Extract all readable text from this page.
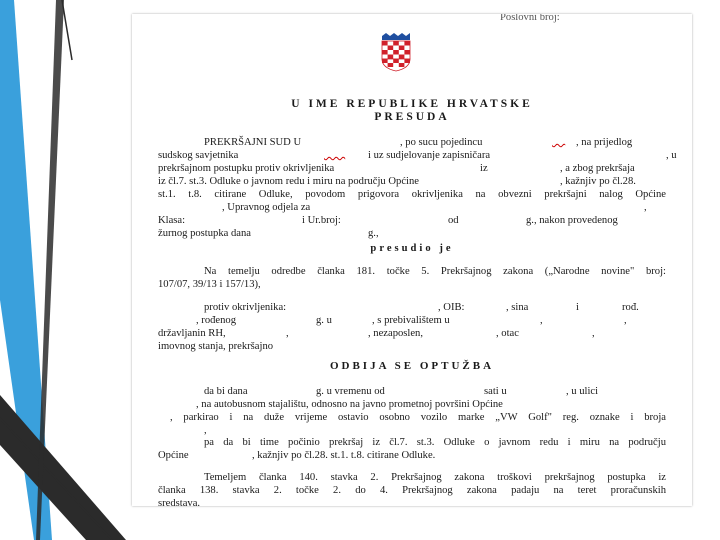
Poslovni broj:
U IME REPUBLIKE HRVATSKE
PRESUDA
PREKRŠAJNI SUD U	, po sucu pojedincu
	, na prijedlog
sudskog savjetnika
	i uz sudjelovanje zapisničara	, u
prekršajnom postupku protiv okrivljenika	iz	, a zbog prekršaja
iz čl.7. st.3. Odluke o javnom redu i miru na području Općine	, kažnjiv po čl.28.
st.1. t.8. citirane Odluke, povodom prigovora okrivljenika na obvezni prekršajni nalog Općine
, Upravnog odjela za	,
Klasa:	i Ur.broj:	od	g., nakon provedenog
žurnog postupka dana	g.,
presudio je
Na temelju odredbe članka 181. točke 5. Prekršajnog zakona („Narodne novine" broj:
107/07, 39/13 i 157/13),
protiv okrivljenika:	, OIB:	, sina	i	rođ.
, rođenog	g. u	, s prebivalištem u	,	,
državljanin RH,	,	, nezaposlen,	, otac	,
imovnog stanja, prekršajno
ODBIJA SE OPTUŽBA
da bi dana	g. u vremenu od	sati u	, u ulici
, na autobusnom stajalištu, odnosno na javno prometnoj površini Općine
, parkirao i na duže vrijeme ostavio osobno vozilo marke „VW Golf" reg. oznake i broja
,
pa da bi time počinio prekršaj iz čl.7. st.3. Odluke o javnom redu i miru na području
Općine	, kažnjiv po čl.28. st.1. t.8. citirane Odluke.
Temeljem članka 140. stavka 2. Prekršajnog zakona troškovi prekršajnog postupka iz
članka 138. stavka 2. točke 2. do 4. Prekršajnog zakona padaju na teret proračunskih
sredstava.
